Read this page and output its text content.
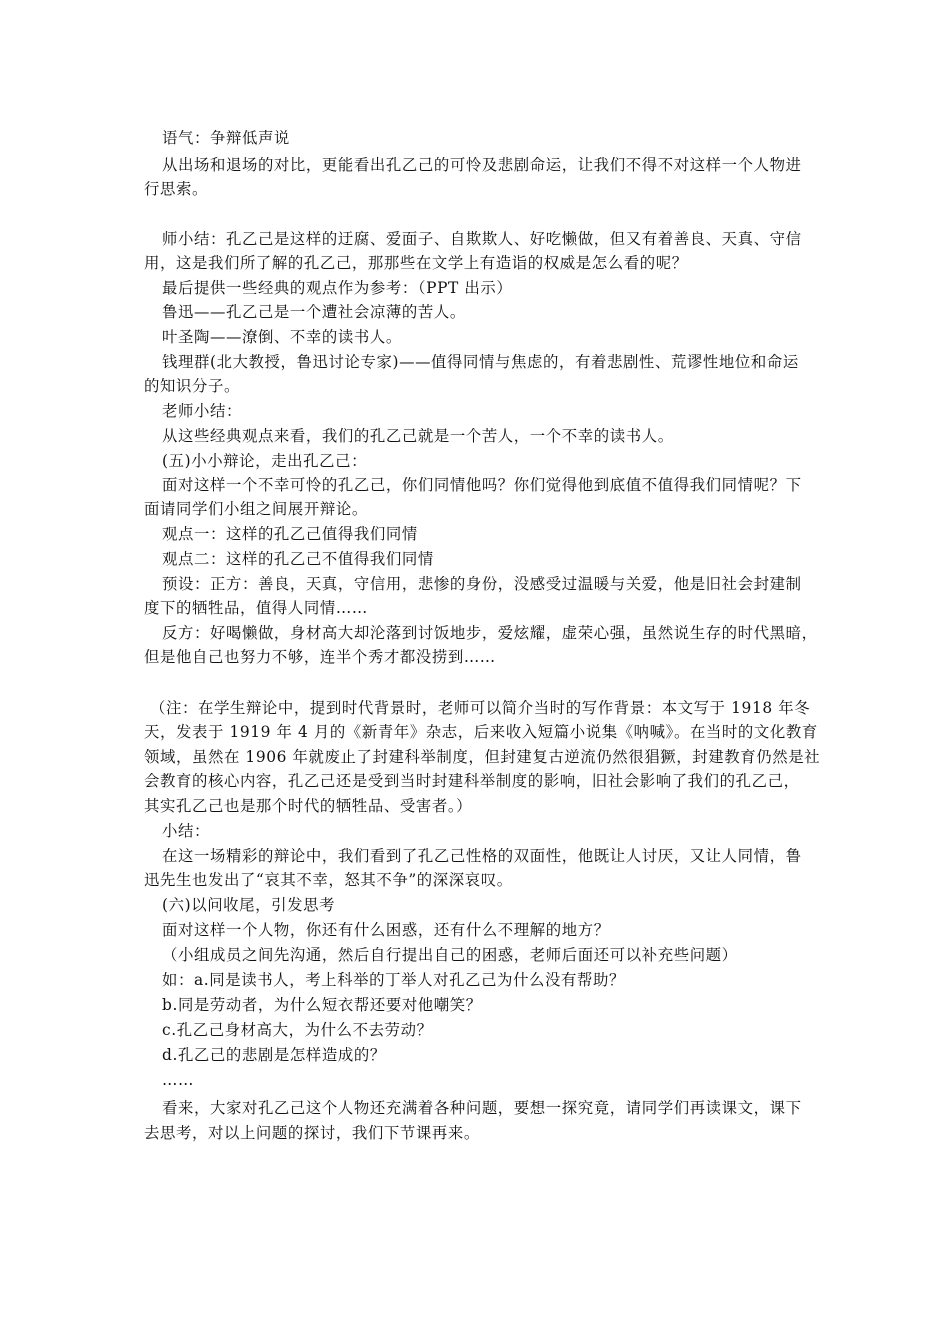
语气：争辩低声说
从出场和退场的对比，更能看出孔乙己的可怜及悲剧命运，让我们不得不对这样一个人物进
行思索。
师小结：孔乙己是这样的迂腐、爱面子、自欺欺人、好吃懒做，但又有着善良、天真、守信
用，这是我们所了解的孔乙己，那那些在文学上有造诣的权威是怎么看的呢？
最后提供一些经典的观点作为参考：（PPT 出示）
鲁迅——孔乙己是一个遭社会凉薄的苦人。
叶圣陶——潦倒、不幸的读书人。
钱理群(北大教授，鲁迅讨论专家)——值得同情与焦虑的，有着悲剧性、荒谬性地位和命运
的知识分子。
老师小结：
从这些经典观点来看，我们的孔乙己就是一个苦人，一个不幸的读书人。
(五)小小辩论，走出孔乙己：
面对这样一个不幸可怜的孔乙己，你们同情他吗？你们觉得他到底值不值得我们同情呢？下
面请同学们小组之间展开辩论。
观点一：这样的孔乙己值得我们同情
观点二：这样的孔乙己不值得我们同情
预设：正方：善良，天真，守信用，悲惨的身份，没感受过温暖与关爱，他是旧社会封建制
度下的牺牲品，值得人同情……
反方：好喝懒做，身材高大却沦落到讨饭地步，爱炫耀，虚荣心强，虽然说生存的时代黑暗，
但是他自己也努力不够，连半个秀才都没捞到……
（注：在学生辩论中，提到时代背景时，老师可以简介当时的写作背景：本文写于 1918 年冬
天，发表于 1919 年 4 月的《新青年》杂志，后来收入短篇小说集《呐喊》。在当时的文化教育
领域，虽然在 1906 年就废止了封建科举制度，但封建复古逆流仍然很猖獗，封建教育仍然是社
会教育的核心内容，孔乙己还是受到当时封建科举制度的影响，旧社会影响了我们的孔乙己，
其实孔乙己也是那个时代的牺牲品、受害者。）
小结：
在这一场精彩的辩论中，我们看到了孔乙己性格的双面性，他既让人讨厌，又让人同情，鲁
迅先生也发出了“哀其不幸，怒其不争”的深深哀叹。
(六)以问收尾，引发思考
面对这样一个人物，你还有什么困惑，还有什么不理解的地方？
（小组成员之间先沟通，然后自行提出自己的困惑，老师后面还可以补充些问题）
如：a.同是读书人，考上科举的丁举人对孔乙己为什么没有帮助？
b.同是劳动者，为什么短衣帮还要对他嘲笑？
c.孔乙己身材高大，为什么不去劳动？
d.孔乙己的悲剧是怎样造成的？
……
看来，大家对孔乙己这个人物还充满着各种问题，要想一探究竟，请同学们再读课文，课下
去思考，对以上问题的探讨，我们下节课再来。
